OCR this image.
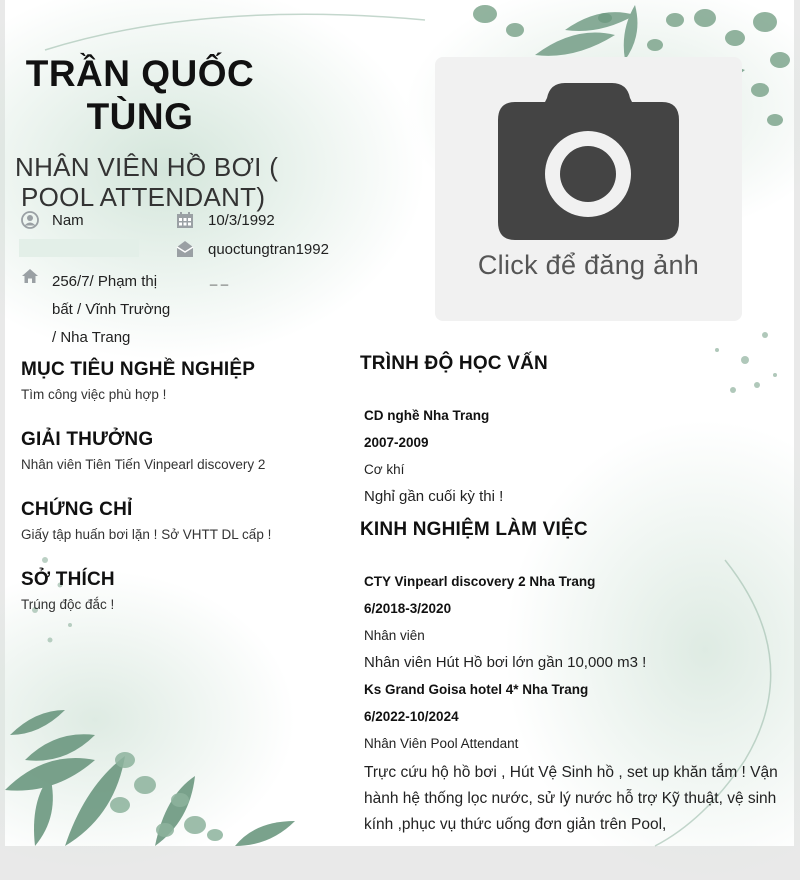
TRẦN QUỐC
TÙNG
NHÂN VIÊN HỒ BƠI (
POOL ATTENDANT)
Nam	10/3/1992
quoctungtran1992
_ _
256/7/ Phạm thị
bất / Vĩnh Trường
/ Nha Trang
Click để đăng ảnh
MỤC TIÊU NGHỀ NGHIỆP
Tìm công việc phù hợp !
GIẢI THƯỞNG
Nhân viên Tiên Tiến Vinpearl discovery 2
CHỨNG CHỈ
Giấy tập huấn bơi lặn ! Sở VHTT DL cấp !
SỞ THÍCH
Trúng độc đắc !
TRÌNH ĐỘ HỌC VẤN
CD nghề Nha Trang
2007-2009
Cơ khí
Nghỉ gần cuối kỳ thi !
KINH NGHIỆM LÀM VIỆC
CTY Vinpearl discovery 2 Nha Trang
6/2018-3/2020
Nhân viên
Nhân viên Hút Hồ bơi lớn gần 10,000 m3 !
Ks Grand Goisa hotel 4* Nha Trang
6/2022-10/2024
Nhân Viên Pool Attendant
Trực cứu hộ hồ bơi , Hút Vệ Sinh hồ , set up khăn tắm ! Vận
hành hệ thống lọc nước, sử lý nước hỗ trợ Kỹ thuật, vệ sinh
kính ,phục vụ thức uống đơn giản trên Pool,
